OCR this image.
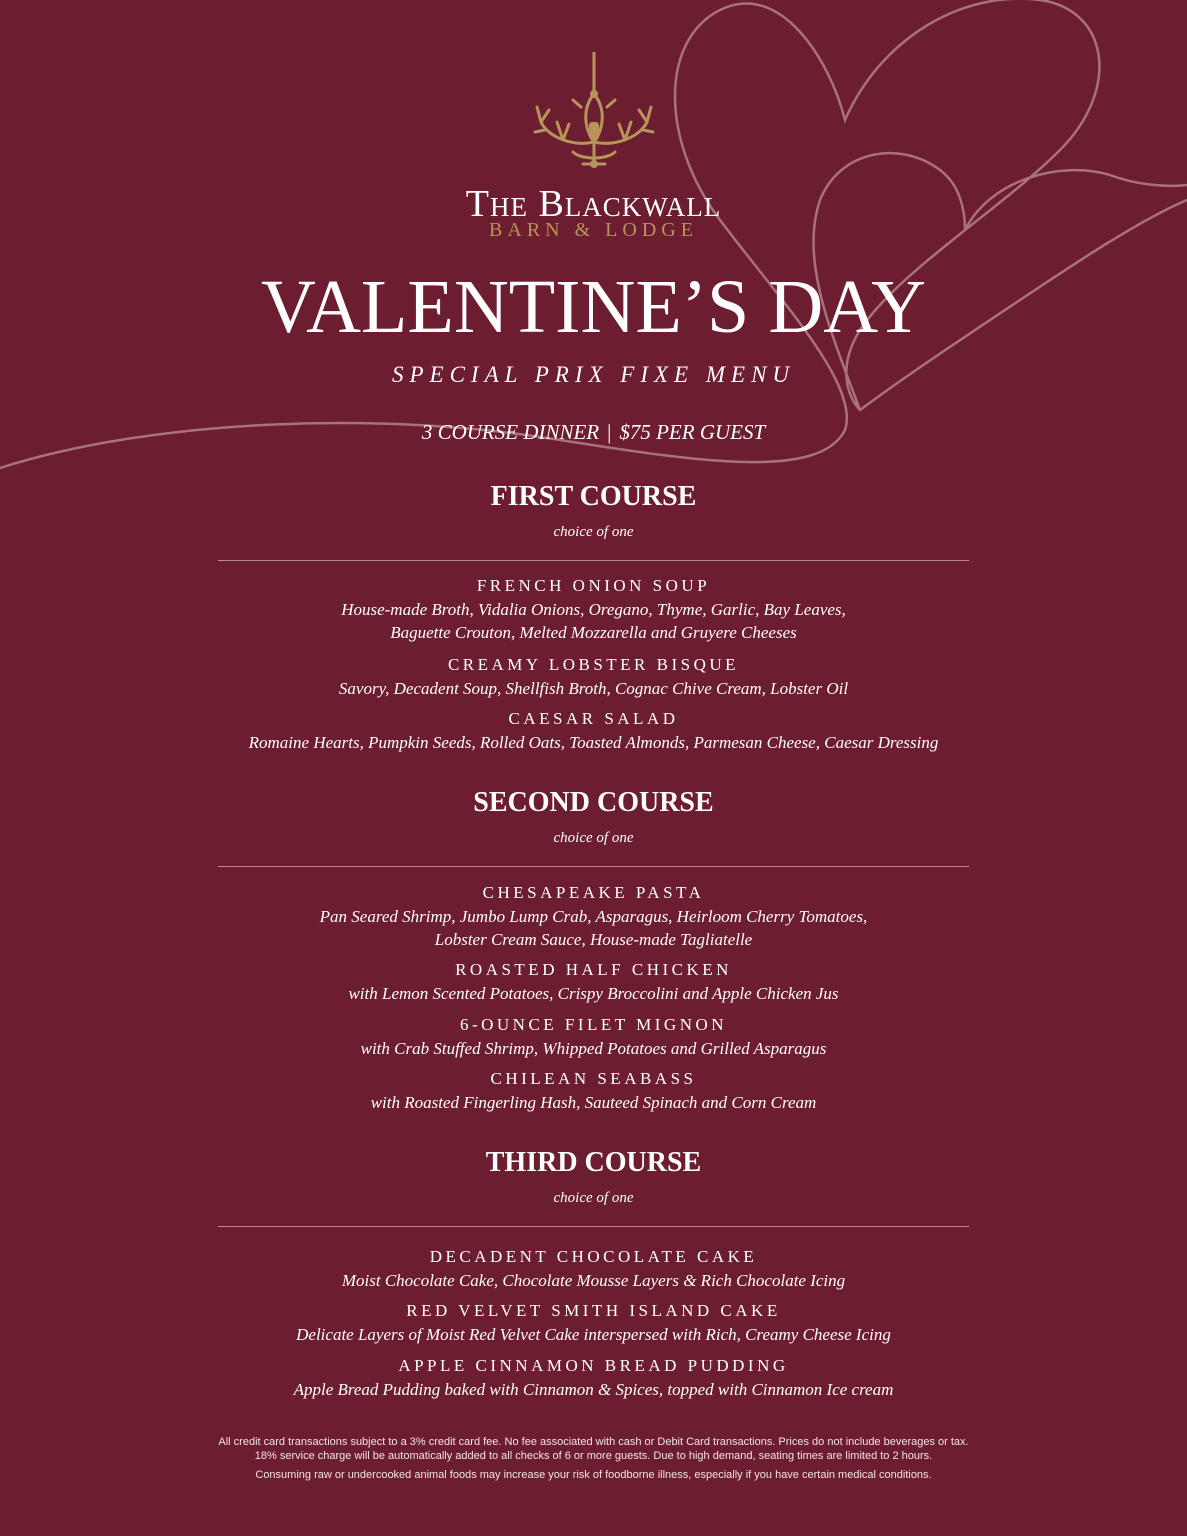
The Blackwall
BARN & LODGE
VALENTINE’S DAY
SPECIAL PRIX FIXE MENU
3 COURSE DINNER | $75 PER GUEST
FIRST COURSE
choice of one
FRENCH ONION SOUP
House-made Broth, Vidalia Onions, Oregano, Thyme, Garlic, Bay Leaves,
Baguette Crouton, Melted Mozzarella and Gruyere Cheeses
CREAMY LOBSTER BISQUE
Savory, Decadent Soup, Shellfish Broth, Cognac Chive Cream, Lobster Oil
CAESAR SALAD
Romaine Hearts, Pumpkin Seeds, Rolled Oats, Toasted Almonds, Parmesan Cheese, Caesar Dressing
SECOND COURSE
choice of one
CHESAPEAKE PASTA
Pan Seared Shrimp, Jumbo Lump Crab, Asparagus, Heirloom Cherry Tomatoes,
Lobster Cream Sauce, House-made Tagliatelle
ROASTED HALF CHICKEN
with Lemon Scented Potatoes, Crispy Broccolini and Apple Chicken Jus
6-OUNCE FILET MIGNON
with Crab Stuffed Shrimp, Whipped Potatoes and Grilled Asparagus
CHILEAN SEABASS
with Roasted Fingerling Hash, Sauteed Spinach and Corn Cream
THIRD COURSE
choice of one
DECADENT CHOCOLATE CAKE
Moist Chocolate Cake, Chocolate Mousse Layers & Rich Chocolate Icing
RED VELVET SMITH ISLAND CAKE
Delicate Layers of Moist Red Velvet Cake interspersed with Rich, Creamy Cheese Icing
APPLE CINNAMON BREAD PUDDING
Apple Bread Pudding baked with Cinnamon & Spices, topped with Cinnamon Ice cream
All credit card transactions subject to a 3% credit card fee. No fee associated with cash or Debit Card transactions. Prices do not include beverages or tax.
18% service charge will be automatically added to all checks of 6 or more guests. Due to high demand, seating times are limited to 2 hours.
Consuming raw or undercooked animal foods may increase your risk of foodborne illness, especially if you have certain medical conditions.
